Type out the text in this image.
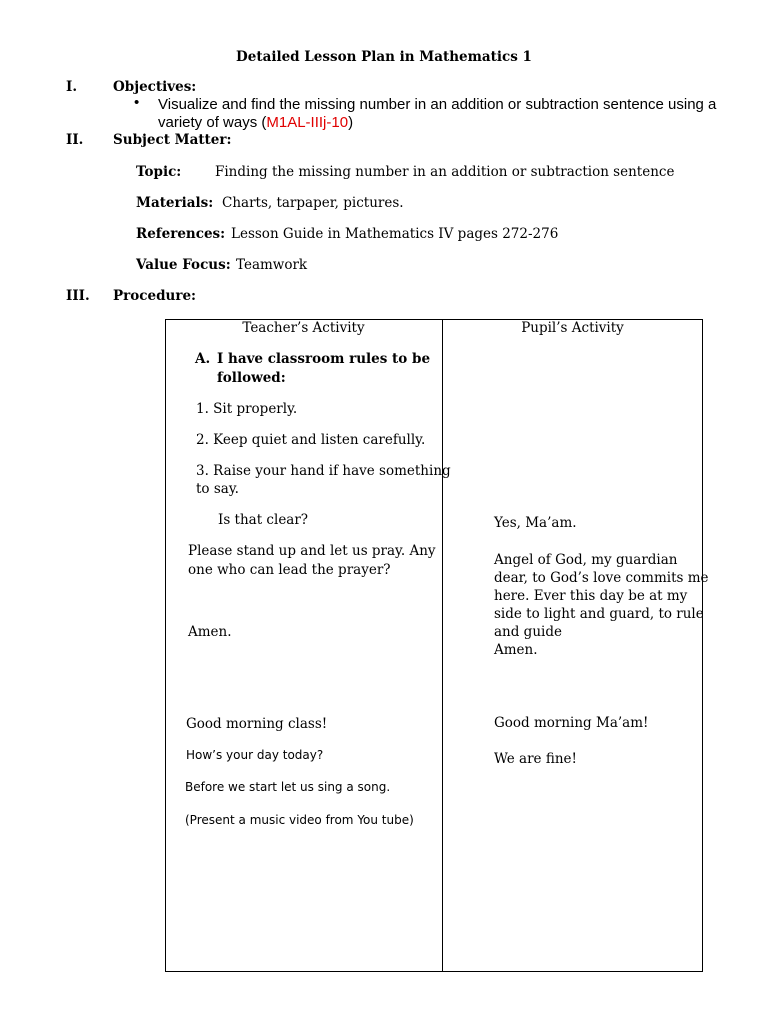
Detailed Lesson Plan in Mathematics 1
I.	Objectives:
• Visualize and find the missing number in an addition or subtraction sentence using a
variety of ways (M1AL-IIIj-10)
II. Subject Matter:
Topic: Finding the missing number in an addition or subtraction sentence
Materials: Charts, tarpaper, pictures.
References: Lesson Guide in Mathematics IV pages 272-276
Value Focus: Teamwork
III. Procedure:
Teacher’s Activity	Pupil’s Activity
A. I have classroom rules to be
followed:
1. Sit properly.
2. Keep quiet and listen carefully.
3. Raise your hand if have something
to say.
Is that clear?
Please stand up and let us pray. Any
one who can lead the prayer?
Amen.
Good morning class!
How’s your day today?
Before we start let us sing a song.
(Present a music video from You tube)
Yes, Ma’am.
Angel of God, my guardian
dear, to God’s love commits me
here. Ever this day be at my
side to light and guard, to rule
and guide
Amen.
Good morning Ma’am!
We are fine!
